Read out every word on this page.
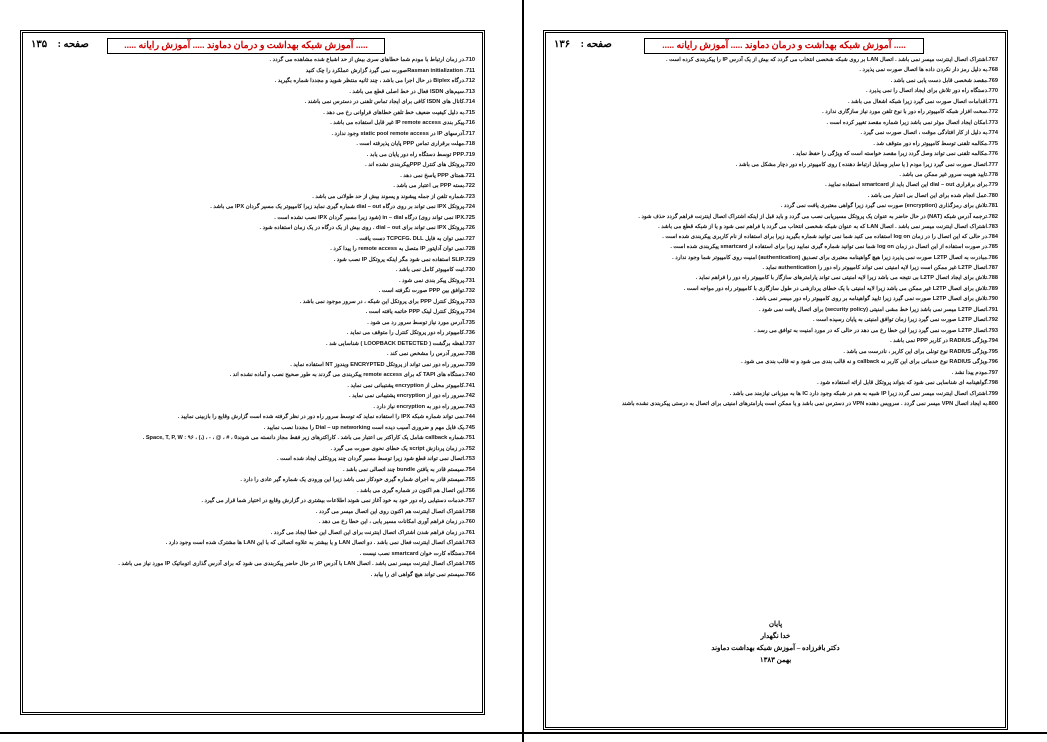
صفحه : ۱۳۵	..... آموزش شبکه بهداشت و درمان دماوند ..... آموزش رایانه .....
710.در زمان ارتباط با مودم شما خطاهای سری بیش از حد اشباع شده مشاهده می گردد .
711. Rasman initializationصورت نمی گیرد گزارش عملکرد را چک کنید
712.درگاه Biplex در حال اجرا می باشد ، چند ثانیه منتظر شوید و مجددا شماره بگیرید .
713.سیم‌های ISDN فعال در خط اصلی قطع می باشد .
714.کانال های ISDN کافی برای ایجاد تماس تلفنی در دسترس نمی باشند .
715.به دلیل کیفیت ضعیف خط تلفن خطاهای فراوانی رخ می دهد .
716.پیکر بندی IP remote access غیر قابل استفاده می باشد .
717.آدرسهای IP در static pool remote access وجود ندارد .
718.مهلت برقراری تماس PPP پایان پذیرفته است .
719.PPP توسط دستگاه راه دور پایان می یابد .
720.پروتکل های کنترل PPPپیکربندی نشده اند .
721.همتای PPP پاسخ نمی دهد .
722.بسته PPP بی اعتبار می باشد .
723.شماره تلفن از جمله پیشوند و پسوند بیش از حد طولانی می باشد .
724.پروتکل IPX نمی تواند بر روی درگاه dial – out شماره گیری نماید زیرا کامپیوتر یک مسیر گردان IPX می باشد .
725.IPX نمی تواند روی) درگاه in – dial (شود زیرا مسیر گردان IPX نصب نشده است .
726.پروتکل IPX نمی تواند برای dial – out . روی بیش از یک درگاه در یک زمان استفاده شود .
727.نمی توان به فایل TCPCFG. DLL دست یافت .
728.نمی توان آداپتور IP متصل به remote access را پیدا کرد .
729.SLIP استفاده نمی شود مگر اینکه پروتکل IP نصب شود .
730.ثبت کامپیوتر کامل نمی باشد .
731.پروتکل پیکر بندی نمی شود .
732.توافق بین PPP صورت نگرفته است .
733.پروتکل کنترل PPP برای پروتکل این شبکه ، در سرور موجود نمی باشد .
734.پروتکل کنترل لینک PPP خاتمه یافته است .
735.آدرس مورد نیاز توسط سرور رد می شود .
736.کامپیوتر راه دور پروتکل کنترل را متوقف می نماید .
737.لفظه برگشت ( LOOPBACK DETECTED ) شناسایی شد .
738.سرور آدرس را مشخص نمی کند .
739.سرور راه دور نمی تواند از پروتکل ENCRYPTED ویندوز NT استفاده نماید .
740.دستگاه های TAPI که برای remote access پیکربندی می گردند به طور صحیح نصب و آماده نشده اند .
741.کامپیوتر محلی از encryption پشتیبانی نمی نماید .
742.سرور راه دور از encryption پشتیبانی نمی نماید .
743.سرور راه دور به encryption نیاز دارد .
744.نمی تواند شماره شبکه IPX را استفاده نماید که توسط سرور راه دور در نظر گرفته شده است گزارش وقایع را بازبینی نمایید .
745.یک فایل مهم و ضروری آسیب دیده است Dial – up networking را مجددا نصب نمایید .
751.شماره callback شامل یک کاراکتر بی اعتبار می باشد . کاراکترهای زیر فقط مجاز دانسته می شوند0 ، # ، @ ، - ، (،) ، Space, T, P, W : ۹۶ .
752.در زمان پردازش script یک خطای نحوی صورت می گیرد .
753.اتصال نمی تواند قطع شود زیرا توسط مسیر گردان چند پروتکلی ایجاد شده است .
754.سیستم قادر به یافتن bundle چند اتصالی نمی باشد .
755.سیستم قادر به اجرای شماره گیری خودکار نمی باشد زیرا این ورودی یک شماره گیر عادی را دارد .
756.این اتصال هم اکنون در شماره گیری می باشد .
757.خدمات دستیابی راه دور خود به خود آغاز نمی شوند اطلاعات بیشتری در گزارش وقایع در اختیار شما قرار می گیرد .
758.اشتراک اتصال اینترنت هم اکنون روی این اتصال میسر می گردد .
760.در زمان فراهم آوری امکانات مسیر یابی ، این خطا رخ می دهد .
761.در زمان فراهم شدن اشتراک اتصال اینترنت برای این اتصال این خطا ایجاد می گردد .
763.اشتراک اتصال اینترنت فعال نمی باشد . دو اتصال LAN و یا بیشتر به علاوه اتصالی که با این LAN ها مشترک شده است وجود دارد .
764.دستگاه کارت خوان smartcard نصب نیست .
765.اشتراک اتصال اینترنت میسر نمی باشد . اتصال LAN با آدرس IP در حال حاضر پیکربندی می شود که برای آدرس گذاری اتوماتیک IP مورد نیاز می باشد .
766.سیستم نمی تواند هیچ گواهی ای را بیابد .
صفحه : ۱۳۶	..... آموزش شبکه بهداشت و درمان دماوند ..... آموزش رایانه .....
767.اشتراک اتصال اینترنت میسر نمی باشد . اتصال LAN بر روی شبکه شخصی انتخاب می گردد که بیش از یک آدرس IP را پیکربندی کرده است .
768.به دلیل رمز دار نکردن داده ها اتصال صورت نمی پذیرد .
769.مقصد شخصی قابل دست یابی نمی باشد .
770.دستگاه راه دور تلاش برای ایجاد اتصال را نمی پذیرد .
771.اقدامات اتصال صورت نمی گیرد زیرا شبکه اشغال می باشد .
772.سخت افزار شبکه کامپیوتر راه دور با نوع تلفن مورد نیاز سازگاری ندارد .
773.امکان ایجاد اتصال موثر نمی باشد زیرا شماره مقصد تغییر کرده است .
774.به دلیل از کار افتادگی موقت ، اتصال صورت نمی گیرد .
775.مکالمه تلفنی توسط کامپیوتر راه دور متوقف شد .
776.مکالمه تلفنی نمی تواند وصل گردد زیرا مقصد خواسته است که ویژگی را حفظ نماید .
777.اتصال صورت نمی گیرد زیرا مودم ( یا سایر وسایل ارتباط دهنده ) روی کامپیوتر راه دور دچار مشکل می باشد .
778.تایید هویت سرور غیر ممکن می باشد .
779.برای برقراری dial – out این اتصال باید از smartcard استفاده نمایید .
780.عمل انجام شده برای این اتصال بی اعتبار می باشد .
781.تلاش برای رمزگذاری (encryption) صورت نمی گیرد زیرا گواهی معتبری یافت نمی گردد .
782.ترجمه آدرس شبکه (NAT) در حال حاضر به عنوان یک پروتکل مسیریابی نصب می گردد و باید قبل از اینکه اشتراک اتصال اینترنت فراهم گردد حذف شود .
783.اشتراک اتصال اینترنت میسر نمی باشد . اتصال LAN که به عنوان شبکه شخصی انتخاب می گردد یا فراهم نمی شود و یا از شبکه قطع می باشد .
784.در حالی که این اتصال را در زمان log on استفاده می کنید شما نمی توانید شماره بگیرید زیرا برای استفاده از نام کاربری پیکربندی شده است .
785.در صورت استفاده از این اتصال در زمان log on شما نمی توانید شماره گیری نمایید زیرا برای استفاده از smartcard پیکربندی شده است .
786.مبادرت به اتصال L2TP صورت نمی پذیرد زیرا هیچ گواهینامه معتبری برای تصدیق (authentication) امنیت روی کامپیوتر شما وجود ندارد .
787.اتصال L2TP غیر ممکن است زیرا لایه امنیتی نمی تواند کامپیوتر راه دور را authentication نماید .
788.تلاش برای ایجاد اتصال L2TP بی نتیجه می باشد زیرا لایه امنیتی نمی تواند پارامترهای سازگار با کامپیوتر راه دور را فراهم نماید .
789.تلاش برای اتصال L2TP غیر ممکن می باشد زیرا لایه امنیتی با یک خطای پردازشی در طول سازگاری با کامپیوتر راه دور مواجه است .
790.تلاش برای اتصال L2TP صورت نمی گیرد زیرا تایید گواهینامه بر روی کامپیوتر راه دور میسر نمی باشد .
791.اتصال L2TP میسر نمی باشد زیرا خط مشی امنیتی (security policy) برای اتصال یافت نمی شود .
792.اتصال L2TP صورت نمی گیرد زیرا زمان توافق امنیتی به پایان رسیده است .
793.اتصال L2TP صورت نمی گیرد زیرا این خطا رخ می دهد در حالی که در مورد امنیت به توافق می رسد .
794.ویژگی RADIUS در کاربر PPP نمی باشد .
795.ویژگی RADIUS نوع تونلی برای این کاربر ، نادرست می باشد .
796.ویژگی RADIUS نوع خدماتی برای این کاربر نه callback و نه قالب بندی می شود و نه قالب بندی می شود .
797.مودم پیدا نشد .
798.گواهینامه ای شناسایی نمی شود که بتواند پروتکل قابل ارائه استفاده شود .
799.اشتراک اتصال اینترنت میسر نمی گردد زیرا IP شبیه به هم در شبکه وجود دارد IC ها به میزبانی نیازمند می باشد .
800.به ایجاد اتصال VPN میسر نمی گردد . سرویس دهنده VPN در دسترس نمی باشد و یا ممکن است پارامترهای امنیتی برای اتصال به درستی پیکربندی نشده باشند
پایان
خدا نگهدار
دکتر بافرزاده – آموزش شبکه بهداشت دماوند
بهمن ۱۳۸۳
